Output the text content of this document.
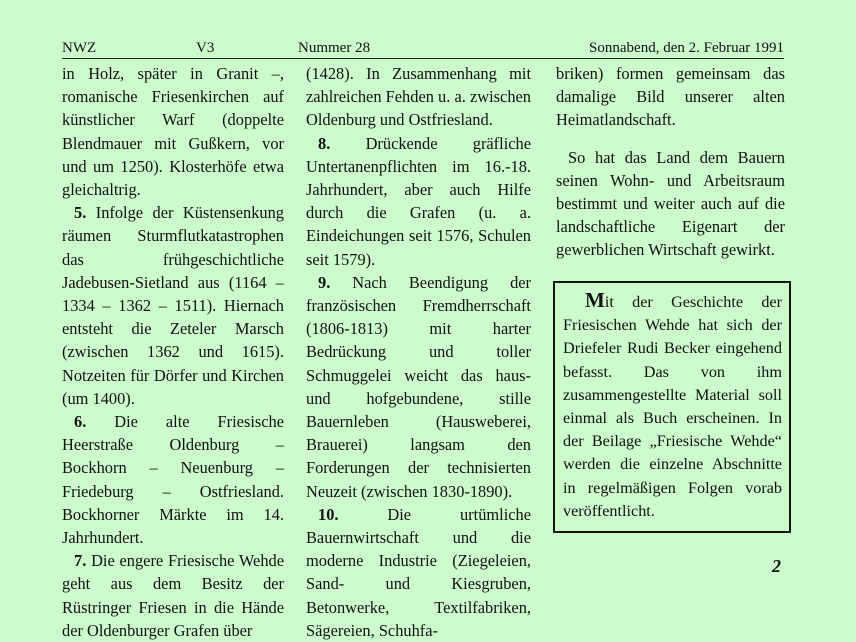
NWZ	V3	Nummer 28	Sonnabend, den 2. Februar 1991

in Holz, später in Granit –, romanische Friesenkirchen auf künstlicher Warf (doppelte Blendmauer mit Gußkern, vor und um 1250). Klosterhöfe etwa gleichaltrig.

5. Infolge der Küstensenkung räumen Sturmflutkatastrophen das frühgeschichtliche Jadebusen-Sietland aus (1164 – 1334 – 1362 – 1511). Hiernach entsteht die Zeteler Marsch (zwischen 1362 und 1615). Notzeiten für Dörfer und Kirchen (um 1400).

6. Die alte Friesische Heerstraße Oldenburg – Bockhorn – Neuenburg – Friedeburg – Ostfriesland. Bockhorner Märkte im 14. Jahrhundert.

7. Die engere Friesische Wehde geht aus dem Besitz der Rüstringer Friesen in die Hände der Oldenburger Grafen über

(1428). In Zusammenhang mit zahlreichen Fehden u. a. zwischen Oldenburg und Ostfriesland.

8. Drückende gräfliche Untertanenpflichten im 16.-18. Jahrhundert, aber auch Hilfe durch die Grafen (u. a. Eindeichungen seit 1576, Schulen seit 1579).

9. Nach Beendigung der französischen Fremdherrschaft (1806-1813) mit harter Bedrückung und toller Schmuggelei weicht das haus- und hofgebundene, stille Bauernleben (Hausweberei, Brauerei) langsam den Forderungen der technisierten Neuzeit (zwischen 1830-1890).

10. Die urtümliche Bauernwirtschaft und die moderne Industrie (Ziegeleien, Sand- und Kiesgruben, Betonwerke, Textilfabriken, Sägereien, Schuhfa-

briken) formen gemeinsam das damalige Bild unserer alten Heimatlandschaft.

So hat das Land dem Bauern seinen Wohn- und Arbeitsraum bestimmt und weiter auch auf die landschaftliche Eigenart der gewerblichen Wirtschaft gewirkt.

Mit der Geschichte der Friesischen Wehde hat sich der Driefeler Rudi Becker eingehend befasst. Das von ihm zusammengestellte Material soll einmal als Buch erscheinen. In der Beilage „Friesische Wehde“ werden die einzelne Abschnitte in regelmäßigen Folgen vorab veröffentlicht.
2
